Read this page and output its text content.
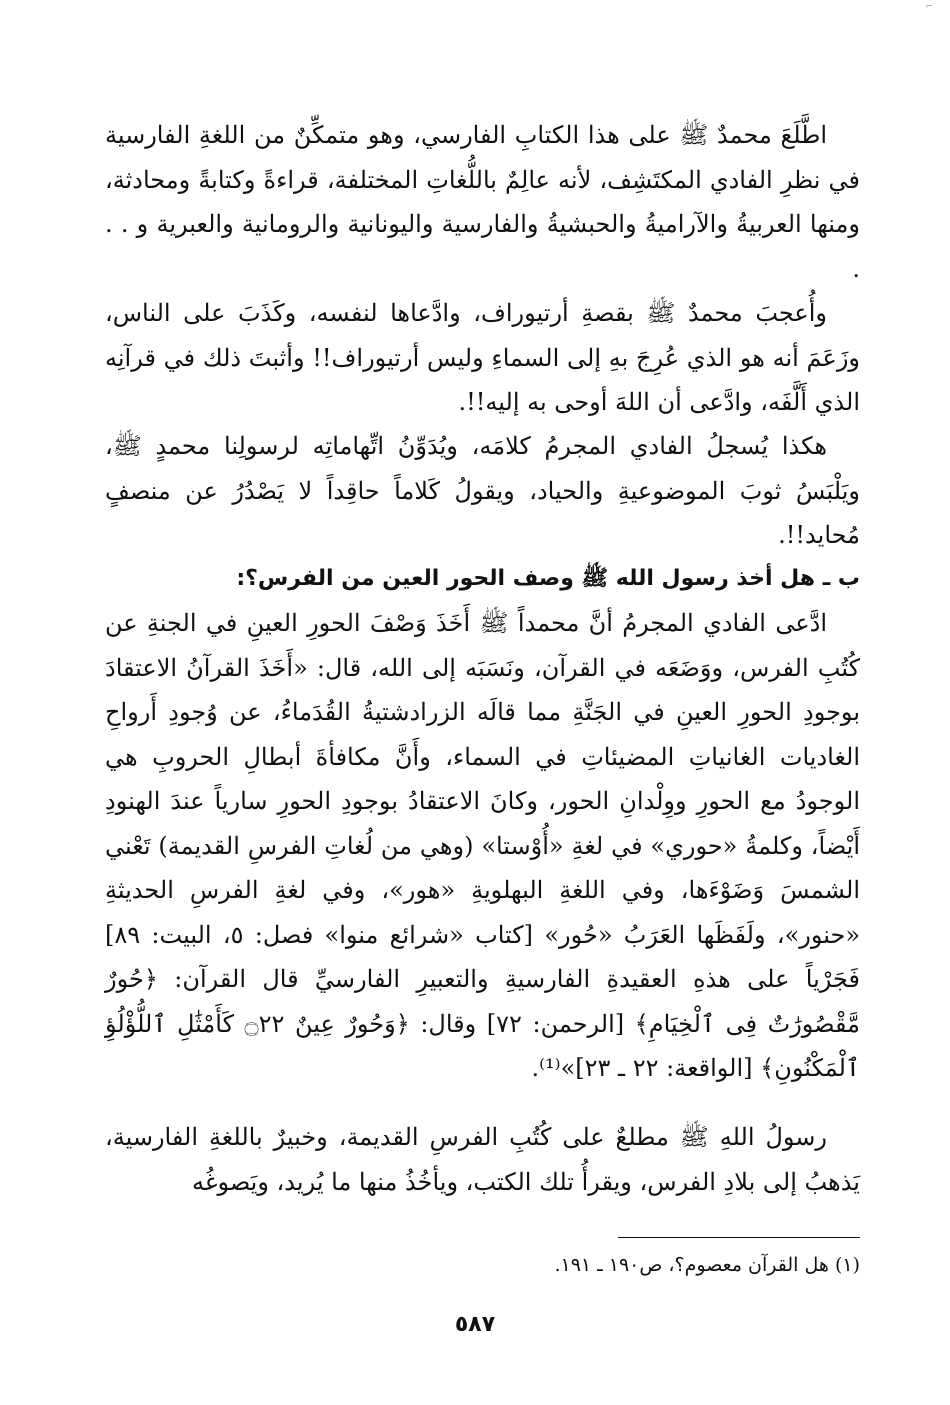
⌐

اطَّلَعَ محمدٌ ﷺ على هذا الكتابِ الفارسي، وهو متمكِّنٌ من اللغةِ الفارسية في نظرِ الفادي المكتَشِف، لأنه عالِمٌ باللُّغاتِ المختلفة، قراءةً وكتابةً ومحادثة، ومنها العربيةُ والآراميةُ والحبشيةُ والفارسية واليونانية والرومانية والعبرية و . . .

وأُعجبَ محمدٌ ﷺ بقصةِ أرتيوراف، وادَّعاها لنفسه، وكَذَبَ على الناس، وزَعَمَ أنه هو الذي عُرِجَ بهِ إلى السماءِ وليس أرتيوراف!! وأثبتَ ذلك في قرآنِه الذي أَلَّفَه، وادَّعى أن اللهَ أوحى به إليه!!.

هكذا يُسجلُ الفادي المجرمُ كلامَه، ويُدَوِّنُ اتِّهاماتِه لرسولِنا محمدٍ ﷺ، ويَلْبَسُ ثوبَ الموضوعيةِ والحياد، ويقولُ كَلاماً حاقِداً لا يَصْدُرُ عن منصفٍ مُحايد!!.

ب ـ هل أخذ رسول الله ﷺ وصف الحور العين من الفرس؟:

ادَّعى الفادي المجرمُ أنَّ محمداً ﷺ أَخَذَ وَصْفَ الحورِ العينِ في الجنةِ عن كُتُبِ الفرس، ووَضَعَه في القرآن، ونَسَبَه إلى الله، قال: «أَخَذَ القرآنُ الاعتقادَ بوجودِ الحورِ العينِ في الجَنَّةِ مما قالَه الزرادشتيةُ القُدَماءُ، عن وُجودِ أَرواحِ الغاديات الغانياتِ المضيئاتِ في السماء، وأَنَّ مكافأةَ أبطالِ الحروبِ هي الوجودُ مع الحورِ ووِلْدانِ الحور، وكانَ الاعتقادُ بوجودِ الحورِ سارياً عندَ الهنودِ أَيْضاً، وكلمةُ «حوري» في لغةِ «أُوْستا» (وهي من لُغاتِ الفرسِ القديمة) تَعْني الشمسَ وَضَوْءَها، وفي اللغةِ البهلويةِ «هور»، وفي لغةِ الفرسِ الحديثةِ «حنور»، ولَفَظَها العَرَبُ «حُور» [كتاب «شرائع منوا» فصل: ٥، البيت: ٨٩] فَجَرْياً على هذهِ العقيدةِ الفارسيةِ والتعبيرِ الفارسيِّ قال القرآن: ﴿حُورٌ مَّقْصُورَٰتٌ فِى ٱلْخِيَامِ﴾ [الرحمن: ٧٢] وقال: ﴿وَحُورٌ عِينٌ ۝٢٢ كَأَمْثَٰلِ ٱللُّؤْلُؤِ ٱلْمَكْنُونِ﴾ [الواقعة: ٢٢ ـ ٢٣]»⁽¹⁾.

رسولُ اللهِ ﷺ مطلعٌ على كُتُبِ الفرسِ القديمة، وخبيرٌ باللغةِ الفارسية، يَذهبُ إلى بلادِ الفرس، ويقرأُ تلك الكتب، ويأخُذُ منها ما يُريد، ويَصوغُه

(١) هل القرآن معصوم؟، ص١٩٠ ـ ١٩١.
٥٨٧
